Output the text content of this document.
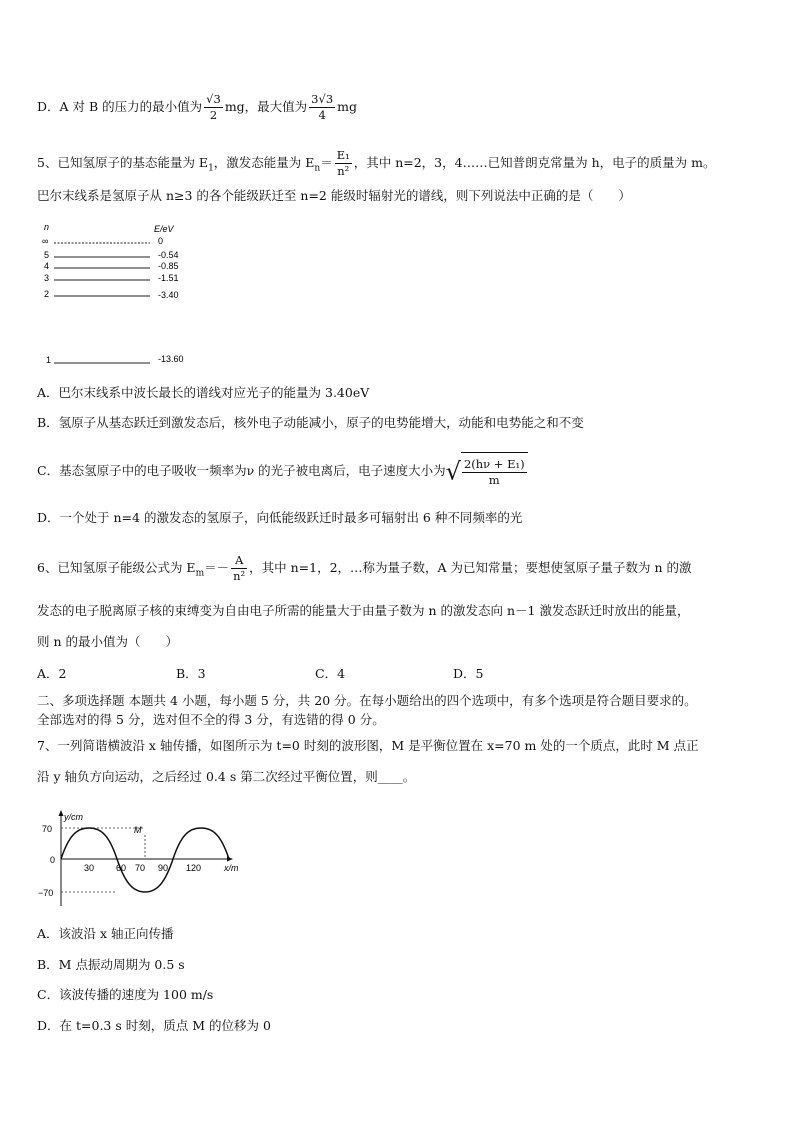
D．A 对 B 的压力的最小值为 $\frac{√3}{2}$ mg，最大值为 $\frac{3√3}{4}$ mg
5、已知氢原子的基态能量为 $E_1$，激发态能量为 $E_n= \frac{\text{E₁}}{\text{n²}}$ ，其中 n=2，3，4……已知普朗克常量为 h，电子的质量为 m。
巴尔末线系是氢原子从 n≥3 的各个能级跃迁至 n=2 能级时辐射光的谱线，则下列说法中正确的是（　　）
n	E/eV
∞	0
5	-0.54
4	-0.85
3	-1.51
2	-3.40
1	-13.60
A．巴尔末线系中波长最长的谱线对应光子的能量为 3.40eV
B．氢原子从基态跃迁到激发态后，核外电子动能减小，原子的电势能增大，动能和电势能之和不变
C．基态氢原子中的电子吸收一频率为ν 的光子被电离后，电子速度大小为√ $\frac{\text{2(hν + E₁)}}{m}$
D．一个处于 n=4 的激发态的氢原子，向低能级跃迁时最多可辐射出 6 种不同频率的光
6、已知氢原子能级公式为 $E_m=- \frac{A}{\text{n²}}$ ，其中 n=1，2，…称为量子数，A 为已知常量；要想使氢原子量子数为 n 的激
发态的电子脱离原子核的束缚变为自由电子所需的能量大于由量子数为 n 的激发态向 n－1 激发态跃迁时放出的能量，
则 n 的最小值为（　　）
A．2	B．3	C．4	D．5
二、多项选择题 本题共 4 小题，每小题 5 分，共 20 分。在每小题给出的四个选项中，有多个选项是符合题目要求的。
全部选对的得 5 分，选对但不全的得 3 分，有选错的得 0 分。
7、一列简谐横波沿 x 轴传播，如图所示为 t=0 时刻的波形图，M 是平衡位置在 x=70 m 处的一个质点，此时 M 点正
沿 y 轴负方向运动，之后经过 0.4 s 第二次经过平衡位置，则____。
y/cm
x/m
70
0
−70
30 60 70 90 120
M
A．该波沿 x 轴正向传播
B．M 点振动周期为 0.5 s
C．该波传播的速度为 100 m/s
D．在 t=0.3 s 时刻，质点 M 的位移为 0
